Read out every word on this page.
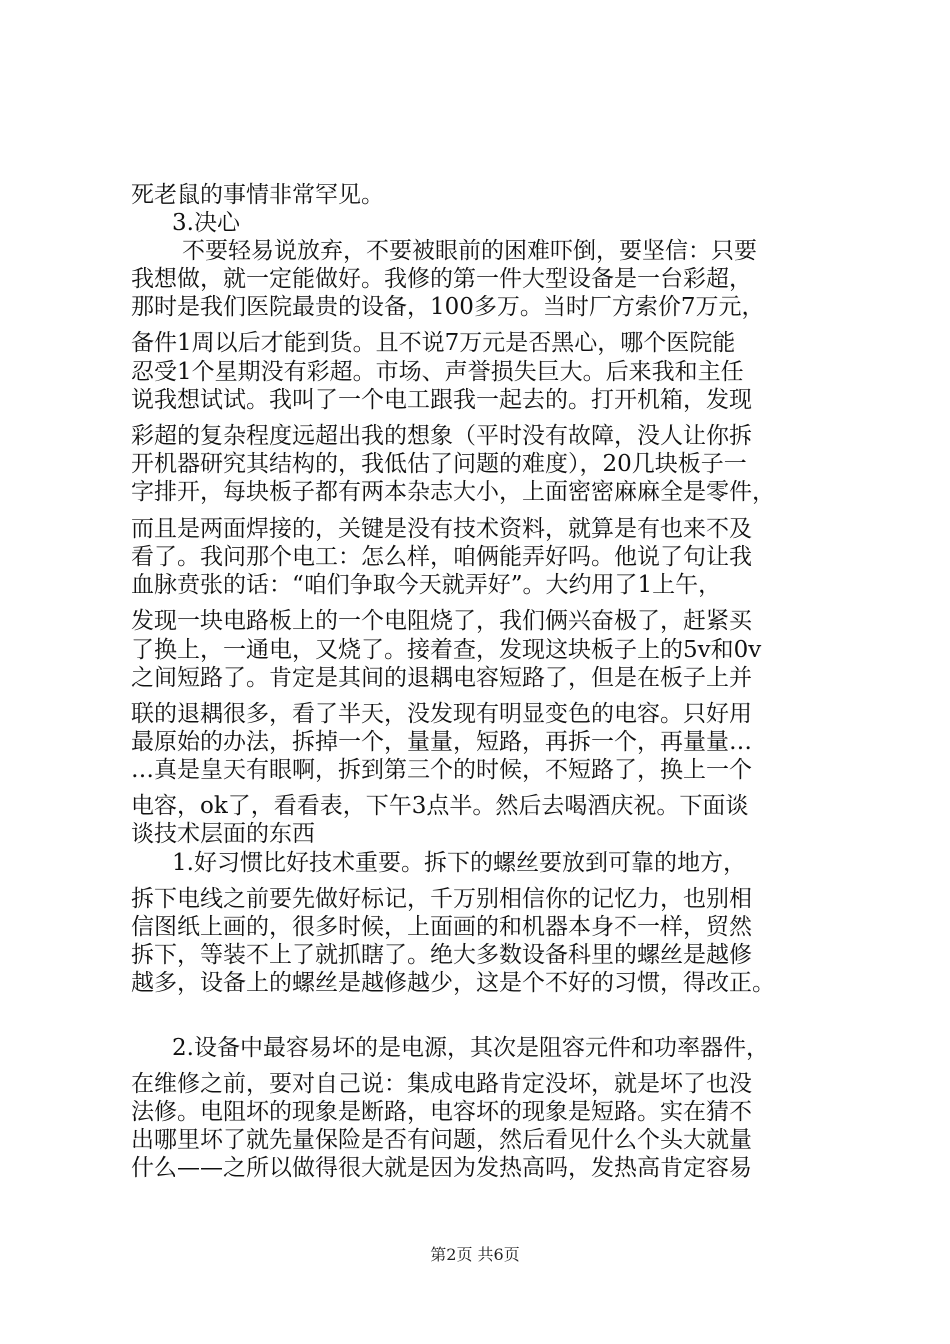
死老鼠的事情非常罕见。
3.决心
不要轻易说放弃，不要被眼前的困难吓倒，要坚信：只要
我想做，就一定能做好。我修的第一件大型设备是一台彩超，
那时是我们医院最贵的设备，100多万。当时厂方索价7万元，
备件1周以后才能到货。且不说7万元是否黑心，哪个医院能
忍受1个星期没有彩超。市场、声誉损失巨大。后来我和主任
说我想试试。我叫了一个电工跟我一起去的。打开机箱，发现
彩超的复杂程度远超出我的想象（平时没有故障，没人让你拆
开机器研究其结构的，我低估了问题的难度），20几块板子一
字排开，每块板子都有两本杂志大小，上面密密麻麻全是零件，
而且是两面焊接的，关键是没有技术资料，就算是有也来不及
看了。我问那个电工：怎么样，咱俩能弄好吗。他说了句让我
血脉贲张的话：“咱们争取今天就弄好”。大约用了1上午，
发现一块电路板上的一个电阻烧了，我们俩兴奋极了，赶紧买
了换上，一通电，又烧了。接着查，发现这块板子上的5v和0v
之间短路了。肯定是其间的退耦电容短路了，但是在板子上并
联的退耦很多，看了半天，没发现有明显变色的电容。只好用
最原始的办法，拆掉一个，量量，短路，再拆一个，再量量…
…真是皇天有眼啊，拆到第三个的时候，不短路了，换上一个
电容，ok了，看看表，下午3点半。然后去喝酒庆祝。下面谈
谈技术层面的东西
1.好习惯比好技术重要。拆下的螺丝要放到可靠的地方，
拆下电线之前要先做好标记，千万别相信你的记忆力，也别相
信图纸上画的，很多时候，上面画的和机器本身不一样，贸然
拆下，等装不上了就抓瞎了。绝大多数设备科里的螺丝是越修
越多，设备上的螺丝是越修越少，这是个不好的习惯，得改正。
2.设备中最容易坏的是电源，其次是阻容元件和功率器件，
在维修之前，要对自己说：集成电路肯定没坏，就是坏了也没
法修。电阻坏的现象是断路，电容坏的现象是短路。实在猜不
出哪里坏了就先量保险是否有问题，然后看见什么个头大就量
什么——之所以做得很大就是因为发热高吗，发热高肯定容易
第2页 共6页
